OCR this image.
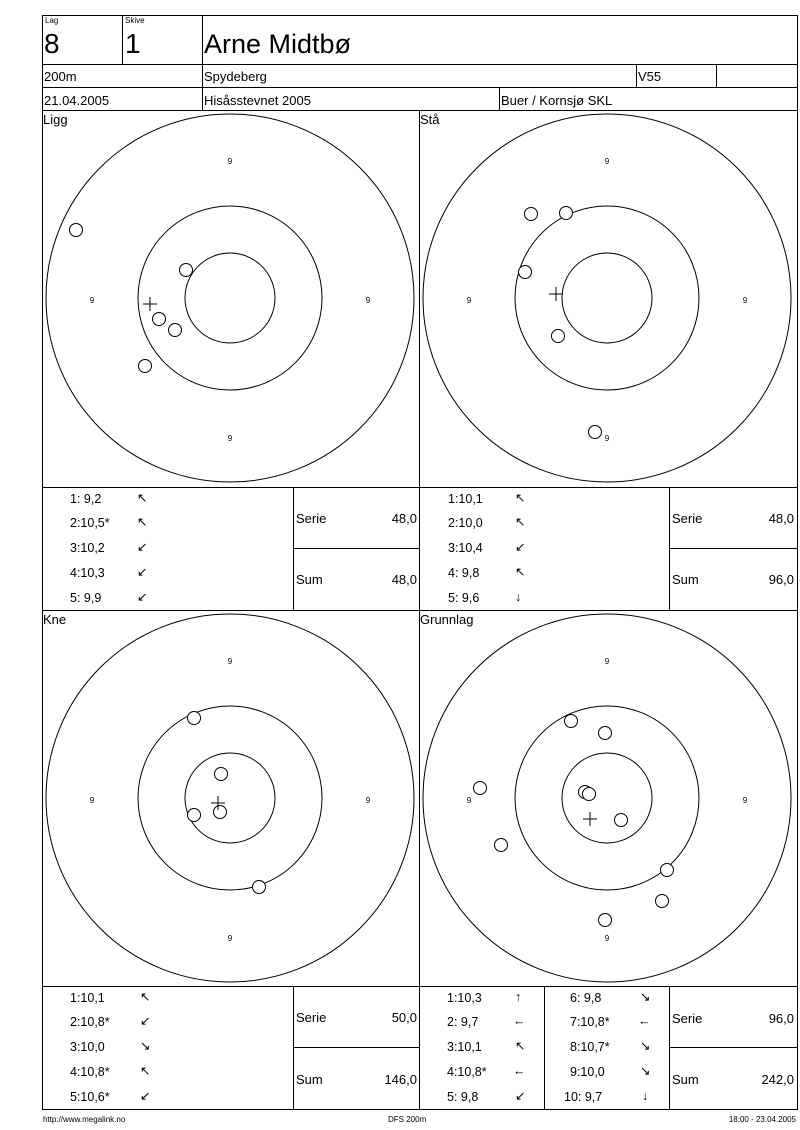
Lag
8
Skive
1 Arne Midtbø
200m	Spydeberg	V55
21.04.2005	Hisåsstevnet 2005	Buer / Kornsjø SKL
Ligg	Stå
Kne	Grunnlag
9
9
9	9
9
9
9	9
9
9
9	9
9
9
9	9
1: 9,2	↖
2:10,5* ↖
3:10,2	↙
4:10,3	↙
5: 9,9	↙
Serie	48,0
Sum	48,0
1:10,1	↖
2:10,0	↖
3:10,4	↙
4: 9,8	↖
5: 9,6	↓
Serie	48,0
Sum	96,0
1:10,1	↖
2:10,8* ↙
3:10,0	↘
4:10,8* ↖
5:10,6* ↙
Serie	50,0
Sum	146,0
1:10,3	↑
2: 9,7	←
3:10,1	↖
4:10,8* ←
5: 9,8	↙
6: 9,8	↘
7:10,8* ←
8:10,7* ↘
9:10,0	↘
10: 9,7	↓
Serie	96,0
Sum	242,0
http://www.megalink.no	DFS 200m	18:00 - 23.04.2005
